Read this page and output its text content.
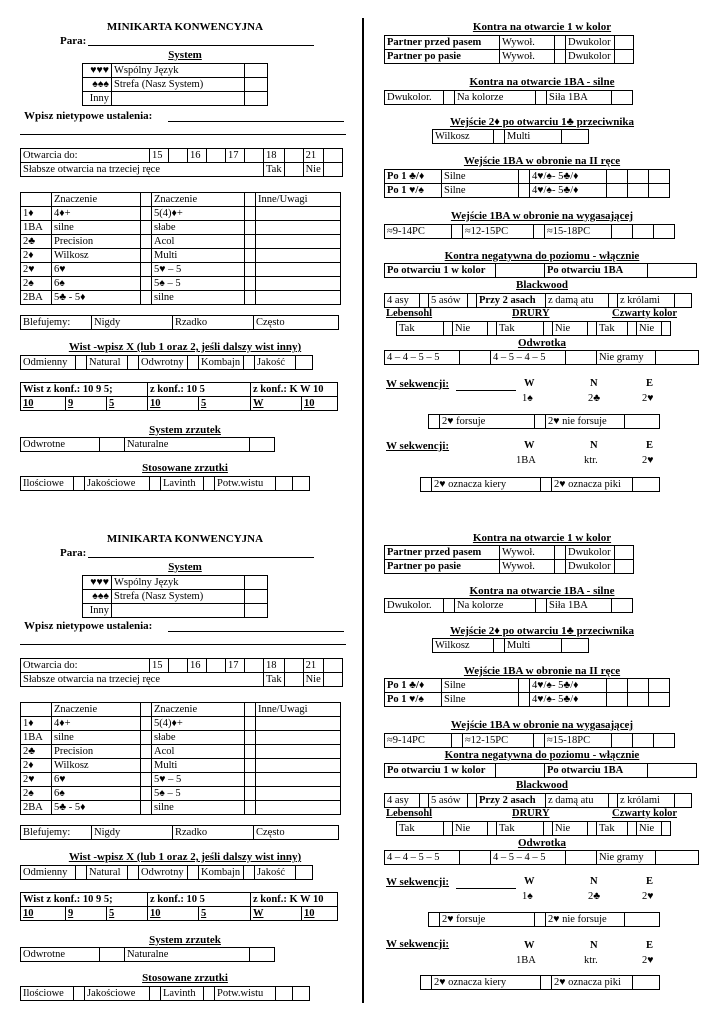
MINIKARTA KONWENCYJNA
Para:
System
♥♥♥	Wspólny Język	
♠♠♠	Strefa (Nasz System)	
Inny		
Wpisz nietypowe ustalenia:
Otwarcia do:	15		16		17		18		21	
Słabsze otwarcia na trzeciej ręce							Tak		Nie	
	Znaczenie		Znaczenie		Inne/Uwagi
1♦	4♦+		5(4)♦+		
1BA	silne		słabe		
2♣	Precision		Acol		
2♦	Wilkosz		Multi		
2♥	6♥		5♥ – 5		
2♠	6♠		5♠ – 5		
2BA	5♣ - 5♦		silne		
Blefujemy:	Nigdy	Rzadko	Często
Wist -wpisz X (lub 1 oraz 2, jeśli dalszy wist inny)
Odmienny		Natural		Odwrotny		Kombajn		Jakość	
Wist z konf.: 10 9 5;			z konf.: 10 5		z konf.: K W 10	
10	9	5	10	5	W	10
System zrzutek
Odwrotne		Naturalne	
Stosowane zrzutki
Ilościowe		Jakościowe		Lavinth		Potw.wistu		
Kontra na otwarcie 1 w kolor
Partner przed pasem	Wywoł.		Dwukolor	
Partner po pasie	Wywoł.		Dwukolor	
Kontra na otwarcie 1BA - silne
Dwukolor.		Na kolorze		Siła 1BA	
Wejście 2♦ po otwarciu 1♣ przeciwnika
Wilkosz		Multi	
Wejście 1BA w obronie na II ręce
Po 1 ♣/♦	Silne		4♥/♠- 5♣/♦			
Po 1 ♥/♠	Silne		4♥/♠- 5♣/♦			
Wejście 1BA w obronie na wygasającej
≈9-14PC		≈12-15PC		≈15-18PC			
Kontra negatywna do poziomu - włącznie
Po otwarciu 1 w kolor		Po otwarciu 1BA	
Blackwood
4 asy		5 asów		Przy 2 asach	z damą atu		z królami	
Lebensohl	DRURY	Czwarty kolor
Tak		Nie		Tak		Nie		Tak		Nie	
Odwrotka
4 – 4 – 5 – 5		4 – 5 – 4 – 5		Nie gramy	
W sekwencji:	W	N	E
1♠	2♣	2♥
	2♥ forsuje		2♥ nie forsuje	
W sekwencji:	W	N	E
1BA	ktr.	2♥
	2♥ oznacza kiery		2♥ oznacza piki	
MINIKARTA KONWENCYJNA
Para:
System
♥♥♥	Wspólny Język	
♠♠♠	Strefa (Nasz System)	
Inny		
Wpisz nietypowe ustalenia:
Otwarcia do:	15		16		17		18		21	
Słabsze otwarcia na trzeciej ręce							Tak		Nie	
	Znaczenie		Znaczenie		Inne/Uwagi
1♦	4♦+		5(4)♦+		
1BA	silne		słabe		
2♣	Precision		Acol		
2♦	Wilkosz		Multi		
2♥	6♥		5♥ – 5		
2♠	6♠		5♠ – 5		
2BA	5♣ - 5♦		silne		
Blefujemy:	Nigdy	Rzadko	Często
Wist -wpisz X (lub 1 oraz 2, jeśli dalszy wist inny)
Odmienny		Natural		Odwrotny		Kombajn		Jakość	
Wist z konf.: 10 9 5;			z konf.: 10 5		z konf.: K W 10	
10	9	5	10	5	W	10
System zrzutek
Odwrotne		Naturalne	
Stosowane zrzutki
Ilościowe		Jakościowe		Lavinth		Potw.wistu		
Kontra na otwarcie 1 w kolor
Partner przed pasem	Wywoł.		Dwukolor	
Partner po pasie	Wywoł.		Dwukolor	
Kontra na otwarcie 1BA - silne
Dwukolor.		Na kolorze		Siła 1BA	
Wejście 2♦ po otwarciu 1♣ przeciwnika
Wilkosz		Multi	
Wejście 1BA w obronie na II ręce
Po 1 ♣/♦	Silne		4♥/♠- 5♣/♦			
Po 1 ♥/♠	Silne		4♥/♠- 5♣/♦			
Wejście 1BA w obronie na wygasającej
≈9-14PC		≈12-15PC		≈15-18PC			
Kontra negatywna do poziomu - włącznie
Po otwarciu 1 w kolor		Po otwarciu 1BA	
Blackwood
4 asy		5 asów		Przy 2 asach	z damą atu		z królami	
Lebensohl	DRURY	Czwarty kolor
Tak		Nie		Tak		Nie		Tak		Nie	
Odwrotka
4 – 4 – 5 – 5		4 – 5 – 4 – 5		Nie gramy	
W sekwencji:	W	N	E
1♠	2♣	2♥
	2♥ forsuje		2♥ nie forsuje	
W sekwencji:	W	N	E
1BA	ktr.	2♥
	2♥ oznacza kiery		2♥ oznacza piki	
